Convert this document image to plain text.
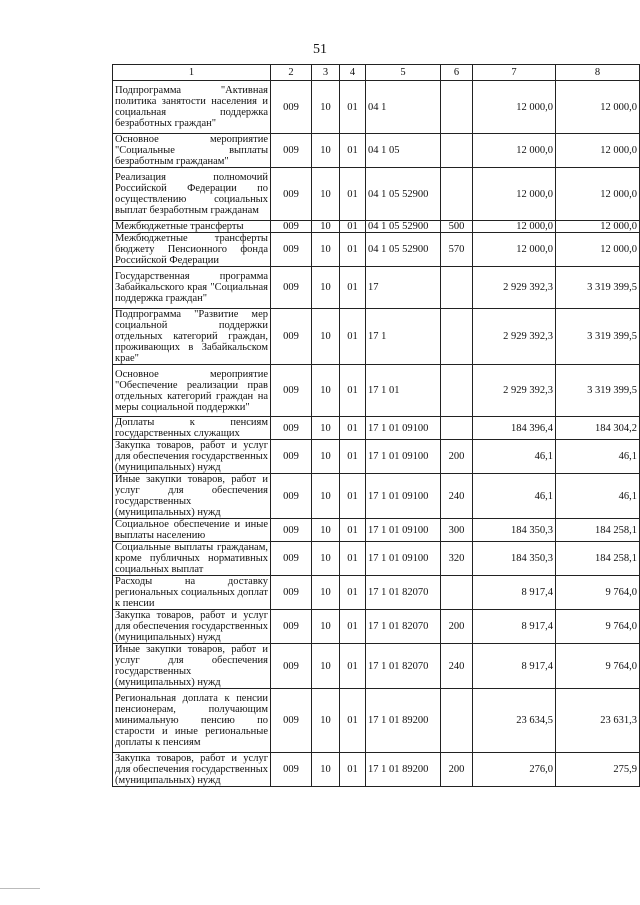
51
1	2	3	4	5	6	7	8
Подпрограмма "Активная политика занятости населения и социальная поддержка безработных граждан"	009	10	01	04 1		12 000,0	12 000,0
Основное мероприятие "Социальные выплаты безработным гражданам"	009	10	01	04 1 05		12 000,0	12 000,0
Реализация полномочий Российской Федерации по осуществлению социальных выплат безработным гражданам	009	10	01	04 1 05 52900		12 000,0	12 000,0
Межбюджетные трансферты	009	10	01	04 1 05 52900	500	12 000,0	12 000,0
Межбюджетные трансферты бюджету Пенсионного фонда Российской Федерации	009	10	01	04 1 05 52900	570	12 000,0	12 000,0
Государственная программа Забайкальского края "Социальная поддержка граждан"	009	10	01	17		2 929 392,3	3 319 399,5
Подпрограмма "Развитие мер социальной поддержки отдельных категорий граждан, проживающих в Забайкальском крае"	009	10	01	17 1		2 929 392,3	3 319 399,5
Основное мероприятие "Обеспечение реализации прав отдельных категорий граждан на меры социальной поддержки"	009	10	01	17 1 01		2 929 392,3	3 319 399,5
Доплаты к пенсиям государственных служащих	009	10	01	17 1 01 09100		184 396,4	184 304,2
Закупка товаров, работ и услуг для обеспечения государственных (муниципальных) нужд	009	10	01	17 1 01 09100	200	46,1	46,1
Иные закупки товаров, работ и услуг для обеспечения государственных (муниципальных) нужд	009	10	01	17 1 01 09100	240	46,1	46,1
Социальное обеспечение и иные выплаты населению	009	10	01	17 1 01 09100	300	184 350,3	184 258,1
Социальные выплаты гражданам, кроме публичных нормативных социальных выплат	009	10	01	17 1 01 09100	320	184 350,3	184 258,1
Расходы на доставку региональных социальных доплат к пенсии	009	10	01	17 1 01 82070		8 917,4	9 764,0
Закупка товаров, работ и услуг для обеспечения государственных (муниципальных) нужд	009	10	01	17 1 01 82070	200	8 917,4	9 764,0
Иные закупки товаров, работ и услуг для обеспечения государственных (муниципальных) нужд	009	10	01	17 1 01 82070	240	8 917,4	9 764,0
Региональная доплата к пенсии пенсионерам, получающим минимальную пенсию по старости и иные региональные доплаты к пенсиям	009	10	01	17 1 01 89200		23 634,5	23 631,3
Закупка товаров, работ и услуг для обеспечения государственных (муниципальных) нужд	009	10	01	17 1 01 89200	200	276,0	275,9
